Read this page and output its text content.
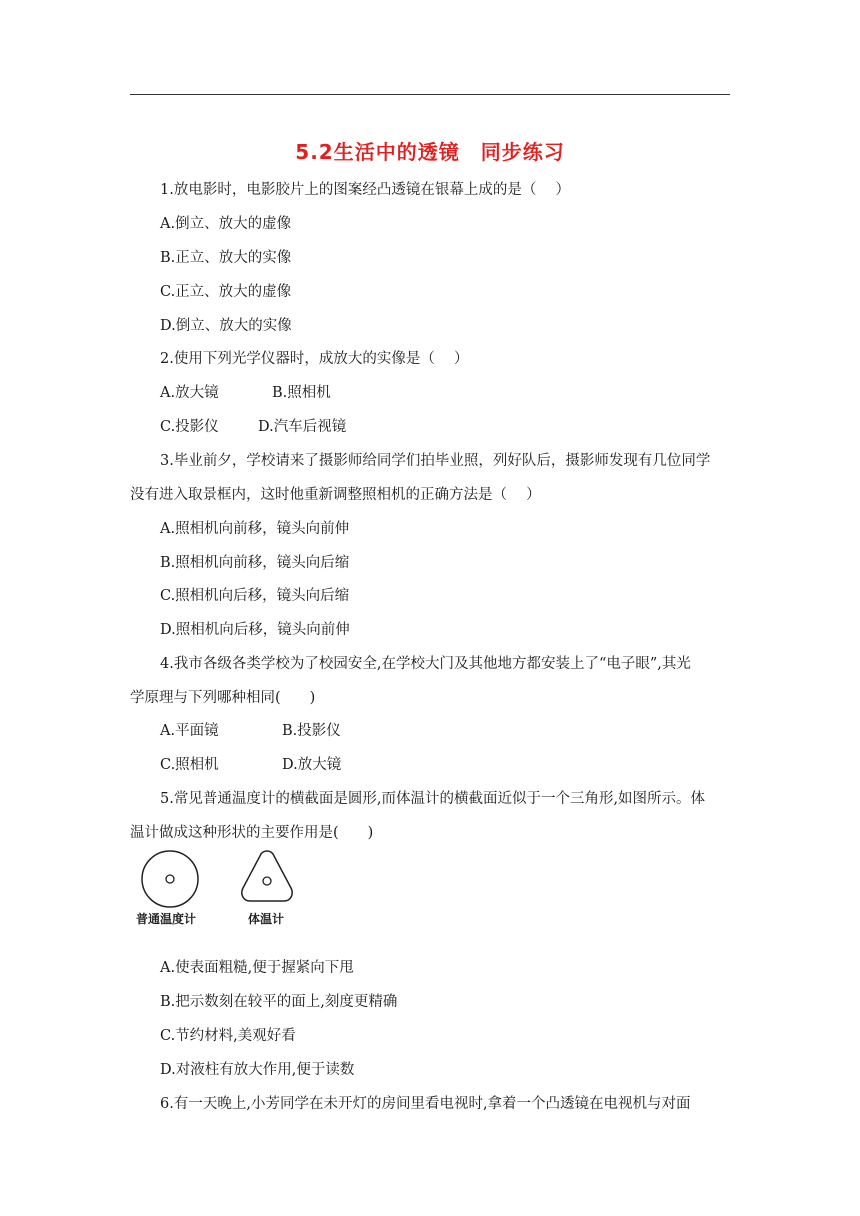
5.2生活中的透镜　同步练习
1.放电影时，电影胶片上的图案经凸透镜在银幕上成的是（　 ）
A.倒立、放大的虚像
B.正立、放大的实像
C.正立、放大的虚像
D.倒立、放大的实像
2.使用下列光学仪器时，成放大的实像是（　 ）
A.放大镜	B.照相机
C.投影仪	D.汽车后视镜
3.毕业前夕，学校请来了摄影师给同学们拍毕业照，列好队后，摄影师发现有几位同学
没有进入取景框内，这时他重新调整照相机的正确方法是（　 ）
A.照相机向前移，镜头向前伸
B.照相机向前移，镜头向后缩
C.照相机向后移，镜头向后缩
D.照相机向后移，镜头向前伸
4.我市各级各类学校为了校园安全,在学校大门及其他地方都安装上了“电子眼”,其光
学原理与下列哪种相同(　　)
A.平面镜	B.投影仪
C.照相机	D.放大镜
5.常见普通温度计的横截面是圆形,而体温计的横截面近似于一个三角形,如图所示。体
温计做成这种形状的主要作用是(　　)
普通温度计	体温计
A.使表面粗糙,便于握紧向下甩
B.把示数刻在较平的面上,刻度更精确
C.节约材料,美观好看
D.对液柱有放大作用,便于读数
6.有一天晚上,小芳同学在未开灯的房间里看电视时,拿着一个凸透镜在电视机与对面
